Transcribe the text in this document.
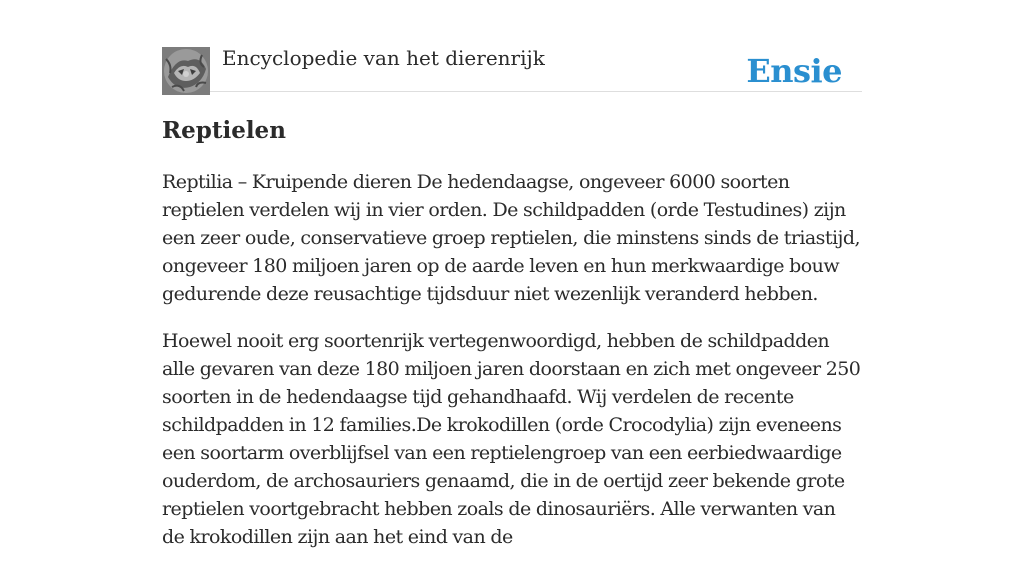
Encyclopedie van het dierenrijk	Ensie
Reptielen

Reptilia – Kruipende dieren De hedendaagse, ongeveer 6000 soorten reptielen verdelen wij in vier orden. De schildpadden (orde Testudines) zijn een zeer oude, conservatieve groep reptielen, die minstens sinds de triastijd, ongeveer 180 miljoen jaren op de aarde leven en hun merkwaardige bouw gedurende deze reusachtige tijdsduur niet wezenlijk veranderd hebben.

Hoewel nooit erg soortenrijk vertegenwoordigd, hebben de schildpadden alle gevaren van deze 180 miljoen jaren doorstaan en zich met ongeveer 250 soorten in de hedendaagse tijd gehandhaafd. Wij verdelen de recente schildpadden in 12 families.De krokodillen (orde Crocodylia) zijn eveneens een soortarm overblijfsel van een reptielengroep van een eerbiedwaardige ouderdom, de archosauriers genaamd, die in de oertijd zeer bekende grote reptielen voortgebracht hebben zoals de dinosauriërs. Alle verwanten van de krokodillen zijn aan het eind van de
